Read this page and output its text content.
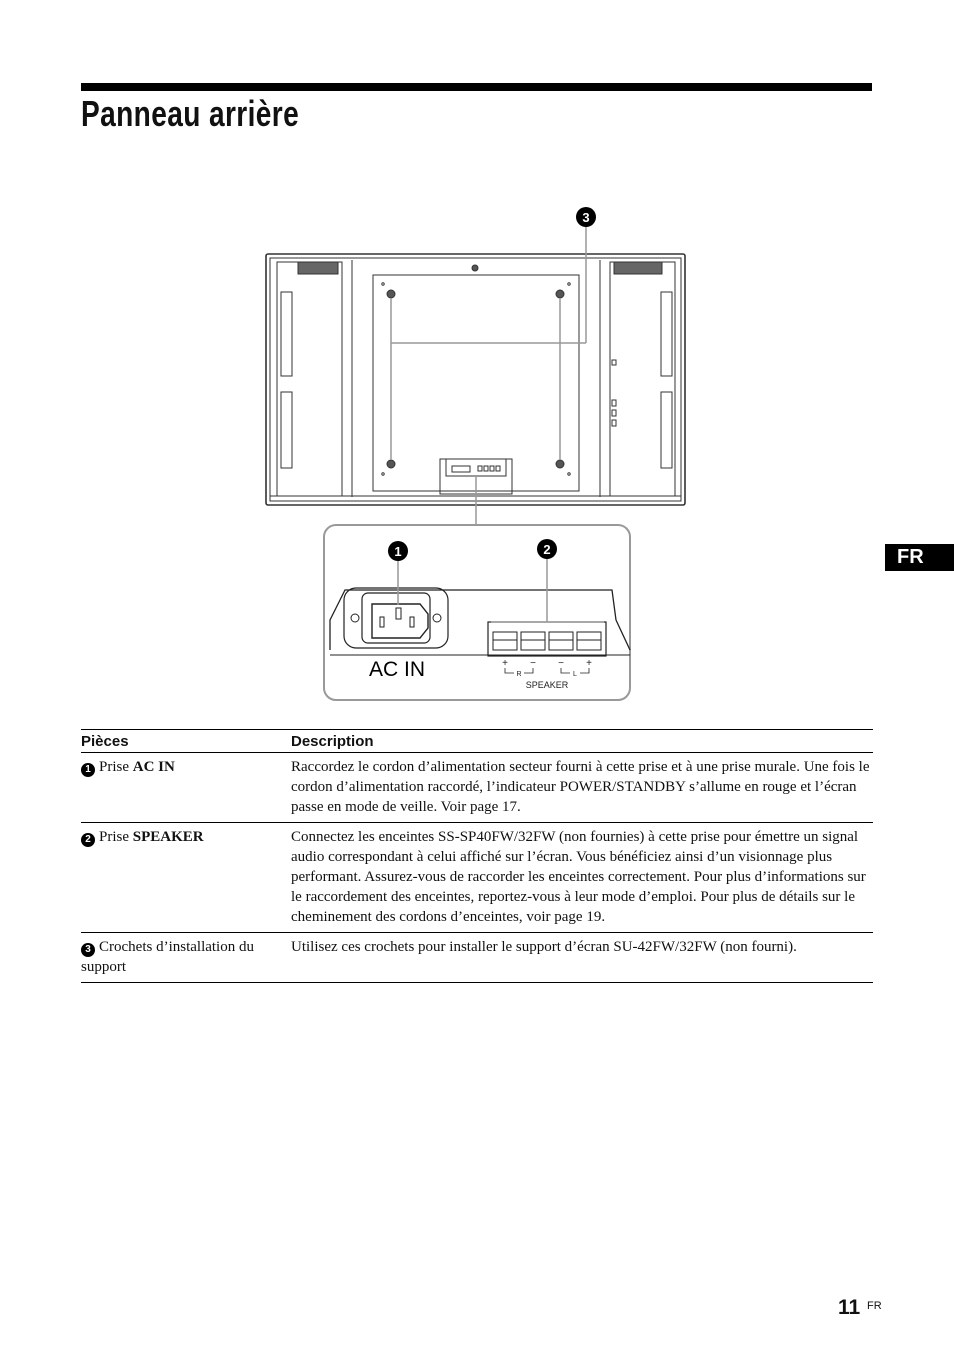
Panneau arrière
FR
3
AC IN	+ − − +
R	L
SPEAKER
1	2
Pièces	Description
1 Prise AC IN	Raccordez le cordon d’alimentation secteur fourni à cette prise et à une prise murale. Une fois le cordon d’alimentation raccordé, l’indicateur POWER/STANDBY s’allume en rouge et l’écran passe en mode de veille. Voir page 17.
2 Prise SPEAKER	Connectez les enceintes SS-SP40FW/32FW (non fournies) à cette prise pour émettre un signal audio correspondant à celui affiché sur l’écran. Vous bénéficiez ainsi d’un visionnage plus performant. Assurez-vous de raccorder les enceintes correctement. Pour plus d’informations sur le raccordement des enceintes, reportez-vous à leur mode d’emploi. Pour plus de détails sur le cheminement des cordons d’enceintes, voir page 19.
3 Crochets d’installation du support	Utilisez ces crochets pour installer le support d’écran SU-42FW/32FW (non fourni).
11 FR
